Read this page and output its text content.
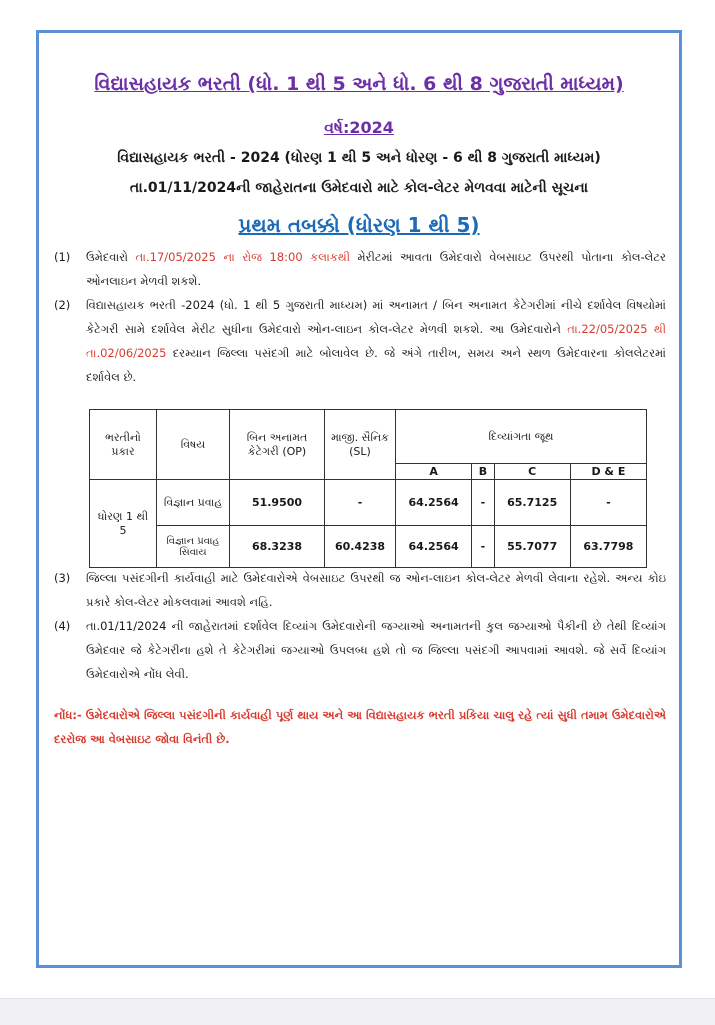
વિદ્યાસહાયક ભરતી (ધો. 1 થી 5 અને ધો. 6 થી 8 ગુજરાતી માધ્યમ)
વર્ષ:2024
વિદ્યાસહાયક ભરતી - 2024 (ધોરણ 1 થી 5 અને ધોરણ - 6 થી 8 ગુજરાતી માધ્યમ)
તા.01/11/2024ની જાહેરાતના ઉમેદવારો માટે કોલ-લેટર મેળવવા માટેની સૂચના
પ્રથમ તબક્કો (ધોરણ 1 થી 5)
(1) ઉમેદવારો તા.17/05/2025 ના રોજ 18:00 કલાકથી મેરીટમાં આવતા ઉમેદવારો વેબસાઇટ ઉપરથી પોતાના કોલ-લેટર ઓનલાઇન મેળવી શકશે.
(2) વિદ્યાસહાયક ભરતી -2024 (ધો. 1 થી 5 ગુજરાતી માધ્યમ) માં અનામત / બિન અનામત કેટેગરીમાં નીચે દર્શાવેલ વિષયોમાં કેટેગરી સામે દર્શાવેલ મેરીટ સુધીના ઉમેદવારો ઓન-લાઇન કોલ-લેટર મેળવી શકશે. આ ઉમેદવારોને તા.22/05/2025 થી તા.02/06/2025 દરમ્યાન જિલ્લા પસંદગી માટે બોલાવેલ છે. જે અંગે તારીખ, સમય અને સ્થળ ઉમેદવારના કોલલેટરમાં દર્શાવેલ છે.
ભરતીનો પ્રકાર	વિષય	બિન અનામત કેટેગરી (OP)	માજી. સૈનિક (SL)	દિવ્યાંગતા જૂથ			
				A	B	C	D & E
ધોરણ 1 થી 5	વિજ્ઞાન પ્રવાહ	51.9500	-	64.2564	-	65.7125	-
	વિજ્ઞાન પ્રવાહ સિવાય	68.3238	60.4238	64.2564	-	55.7077	63.7798
(3) જિલ્લા પસંદગીની કાર્યવાહી માટે ઉમેદવારોએ વેબસાઇટ ઉપરથી જ ઓન-લાઇન કોલ-લેટર મેળવી લેવાના રહેશે. અન્ય કોઇ પ્રકારે કોલ-લેટર મોકલવામાં આવશે નહિ.
(4) તા.01/11/2024 ની જાહેરાતમાં દર્શાવેલ દિવ્યાંગ ઉમેદવારોની જગ્યાઓ અનામતની કુલ જગ્યાઓ પૈકીની છે તેથી દિવ્યાંગ ઉમેદવાર જે કેટેગરીના હશે તે કેટેગરીમાં જગ્યાઓ ઉપલબ્ધ હશે તો જ જિલ્લા પસંદગી આપવામાં આવશે. જે સર્વે દિવ્યાંગ ઉમેદવારોએ નોંધ લેવી.
નોંધ:- ઉમેદવારોએ જિલ્લા પસંદગીની કાર્યવાહી પૂર્ણ થાય અને આ વિદ્યાસહાયક ભરતી પ્રકિયા ચાલુ રહે ત્યાં સુધી તમામ ઉમેદવારોએ દરરોજ આ વેબસાઇટ જોવા વિનંતી છે.
